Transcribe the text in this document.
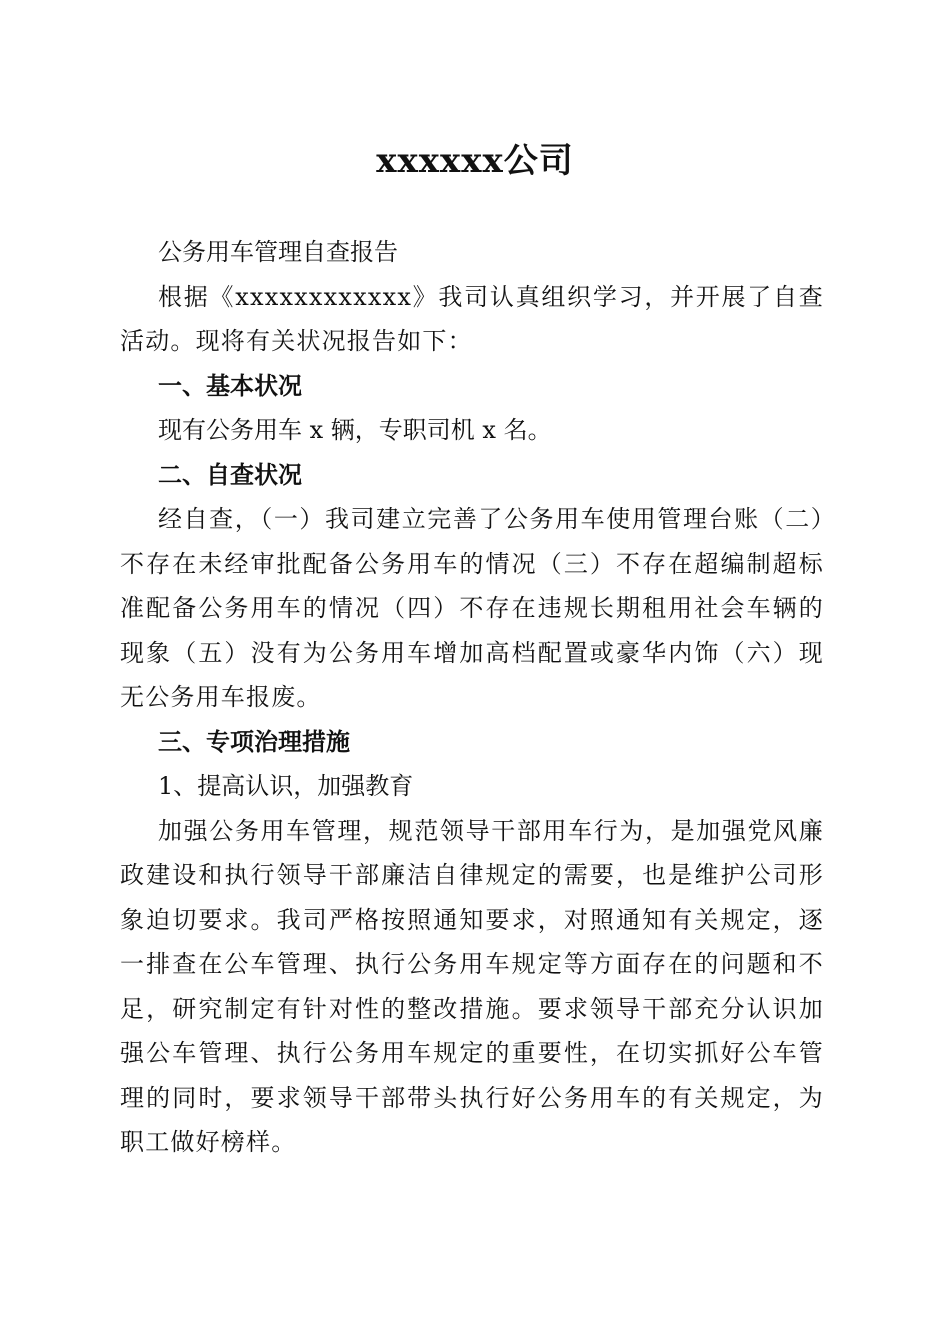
xxxxxx公司

公务用车管理自查报告

根据《xxxxxxxxxxxx》我司认真组织学习，并开展了自查活动。现将有关状况报告如下：

一、基本状况

现有公务用车 x 辆，专职司机 x 名。

二、自查状况

经自查，（一）我司建立完善了公务用车使用管理台账（二）不存在未经审批配备公务用车的情况（三）不存在超编制超标准配备公务用车的情况（四）不存在违规长期租用社会车辆的现象（五）没有为公务用车增加高档配置或豪华内饰（六）现无公务用车报废。

三、专项治理措施

1、提高认识，加强教育

加强公务用车管理，规范领导干部用车行为，是加强党风廉政建设和执行领导干部廉洁自律规定的需要，也是维护公司形象迫切要求。我司严格按照通知要求，对照通知有关规定，逐一排查在公车管理、执行公务用车规定等方面存在的问题和不足，研究制定有针对性的整改措施。要求领导干部充分认识加强公车管理、执行公务用车规定的重要性，在切实抓好公车管理的同时，要求领导干部带头执行好公务用车的有关规定，为职工做好榜样。
